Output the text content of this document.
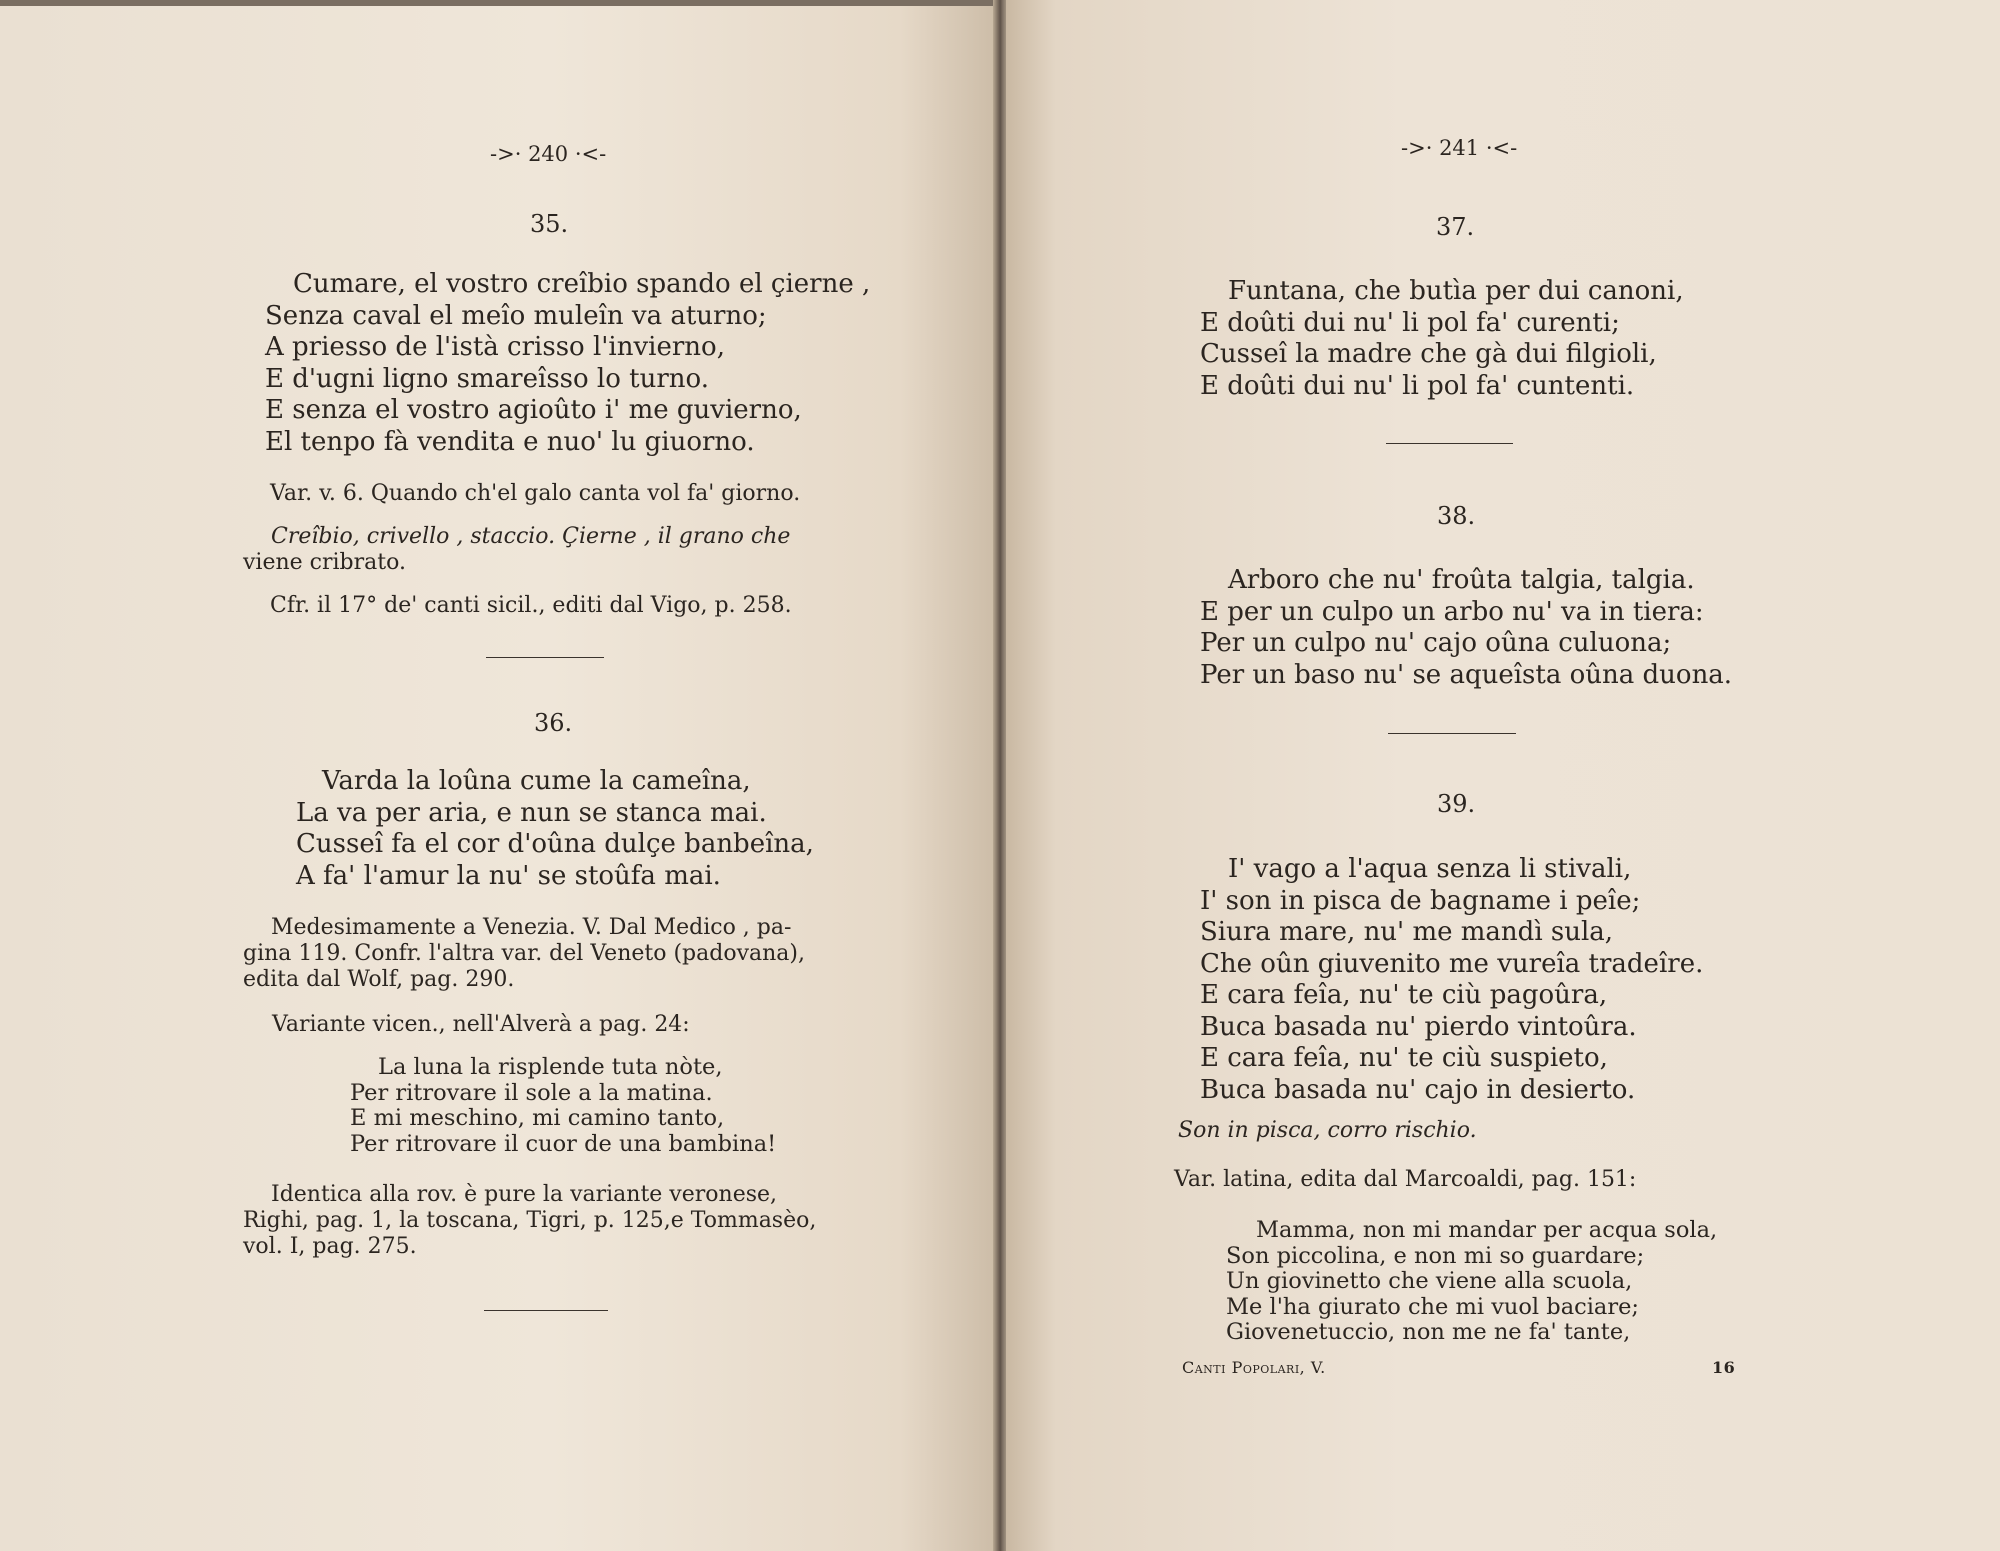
->· 240 ·<-
35.
Cumare, el vostro creîbio spando el çierne ,
Senza caval el meîo muleîn va aturno;
A priesso de l'istà crisso l'invierno,
E d'ugni ligno smareîsso lo turno.
E senza el vostro agioûto i' me guvierno,
El tenpo fà vendita e nuo' lu giuorno.
Var. v. 6. Quando ch'el galo canta vol fa' giorno.
Creîbio, crivello , staccio. Çierne , il grano che
viene cribrato.
Cfr. il 17° de' canti sicil., editi dal Vigo, p. 258.
36.
Varda la loûna cume la cameîna,
La va per aria, e nun se stanca mai.
Cusseî fa el cor d'oûna dulçe banbeîna,
A fa' l'amur la nu' se stoûfa mai.
Medesimamente a Venezia. V. Dal Medico , pa-
gina 119. Confr. l'altra var. del Veneto (padovana),
edita dal Wolf, pag. 290.
Variante vicen., nell'Alverà a pag. 24:
La luna la risplende tuta nòte,
Per ritrovare il sole a la matina.
E mi meschino, mi camino tanto,
Per ritrovare il cuor de una bambina!
Identica alla rov. è pure la variante veronese,
Righi, pag. 1, la toscana, Tigri, p. 125,e Tommasèo,
vol. I, pag. 275.
->· 241 ·<-
37.
Funtana, che butìa per dui canoni,
E doûti dui nu' li pol fa' curenti;
Cusseî la madre che gà dui filgioli,
E doûti dui nu' li pol fa' cuntenti.
38.
Arboro che nu' froûta talgia, talgia.
E per un culpo un arbo nu' va in tiera:
Per un culpo nu' cajo oûna culuona;
Per un baso nu' se aqueîsta oûna duona.
39.
I' vago a l'aqua senza li stivali,
I' son in pisca de bagname i peîe;
Siura mare, nu' me mandì sula,
Che oûn giuvenito me vureîa tradeîre.
E cara feîa, nu' te ciù pagoûra,
Buca basada nu' pierdo vintoûra.
E cara feîa, nu' te ciù suspieto,
Buca basada nu' cajo in desierto.
Son in pisca, corro rischio.
Var. latina, edita dal Marcoaldi, pag. 151:
Mamma, non mi mandar per acqua sola,
Son piccolina, e non mi so guardare;
Un giovinetto che viene alla scuola,
Me l'ha giurato che mi vuol baciare;
Giovenetuccio, non me ne fa' tante,
Canti Popolari, V.	16
